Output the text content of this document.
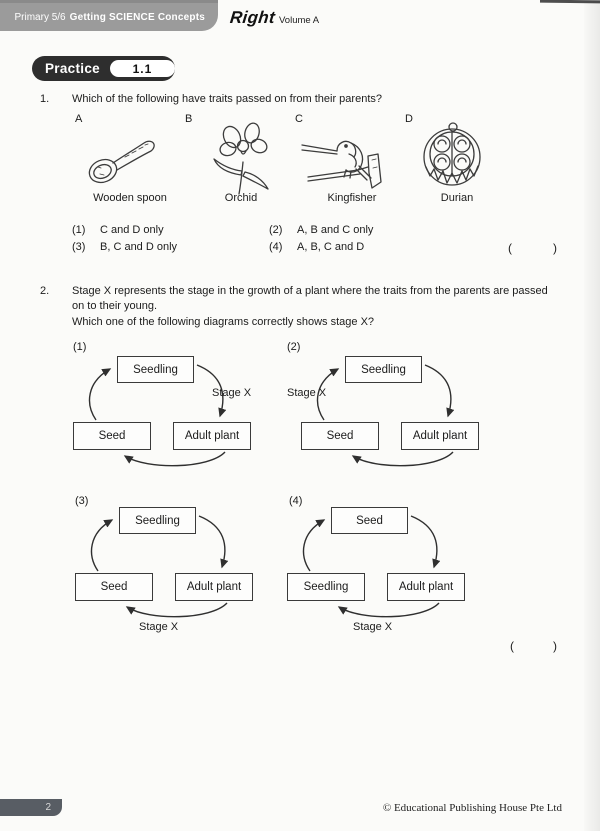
Primary 5/6 Getting SCIENCE Concepts Right Volume A
Practice	1.1
1. Which of the following have traits passed on from their parents?
A	B	C	D
Wooden spoon	Orchid	Kingfisher	Durian
(1) C and D only	(2) A, B and C only
(3) B, C and D only	(4) A, B, C and D	(	)
2. Stage X represents the stage in the growth of a plant where the traits from the parents are passed
on to their young.
Which one of the following diagrams correctly shows stage X?
(1)
Seedling
Seed	Adult plant
Stage X
(2)
Seedling
Seed	Adult plant
Stage X
(3)
Seedling
Seed	Adult plant
Stage X
(4)
Seed
Seedling	Adult plant
Stage X
(	)
2	© Educational Publishing House Pte Ltd
